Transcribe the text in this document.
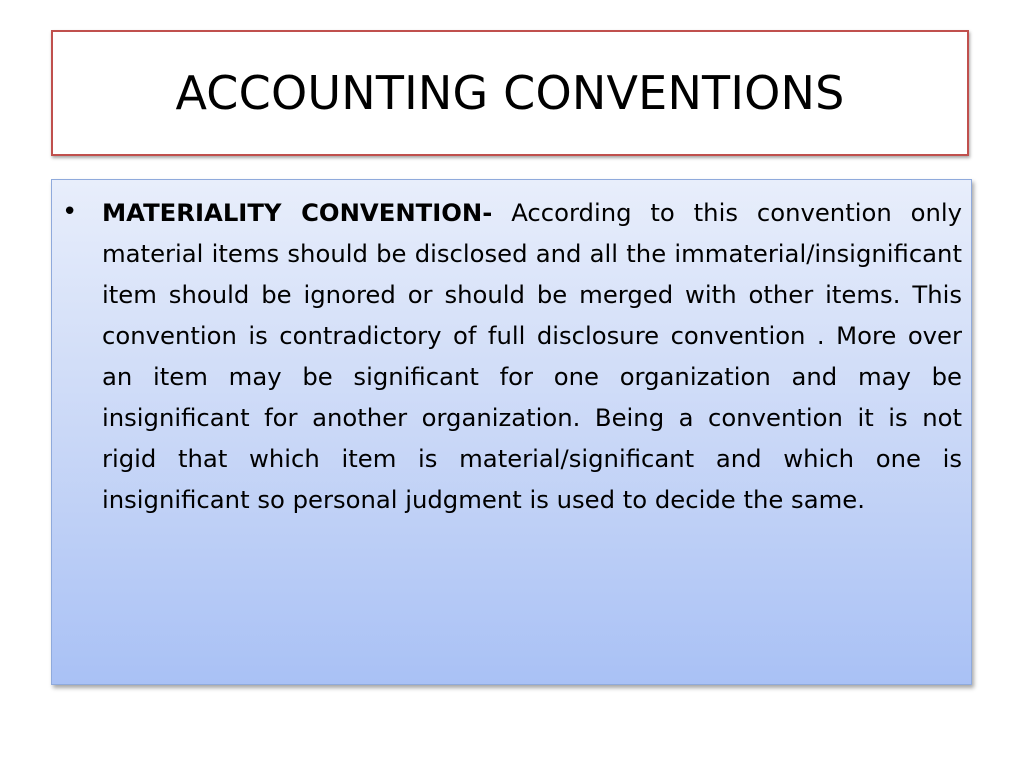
ACCOUNTING CONVENTIONS
•	MATERIALITY CONVENTION- According to this convention only material items should be disclosed and all the immaterial/insignificant item should be ignored or should be merged with other items. This convention is contradictory of full disclosure convention . More over an item may be significant for one organization and may be insignificant for another organization. Being a convention it is not rigid that which item is material/significant and which one is insignificant so personal judgment is used to decide the same.
